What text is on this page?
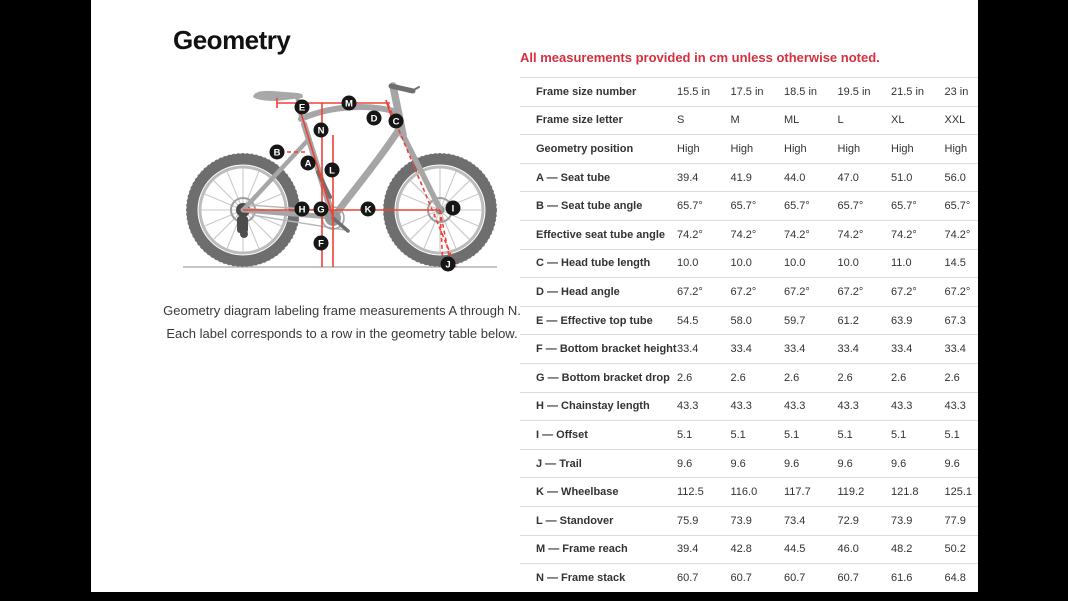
Geometry
A
B
C
D
E
F
G
H	I
J
K
L
M
N
Geometry diagram labeling frame measurements A through N.
Each label corresponds to a row in the geometry table below.
All measurements provided in cm unless otherwise noted.
Frame size number	15.5 in	17.5 in	18.5 in	19.5 in	21.5 in	23 in
Frame size letter	S	M	ML	L	XL	XXL
Geometry position	High	High	High	High	High	High
A — Seat tube	39.4	41.9	44.0	47.0	51.0	56.0
B — Seat tube angle	65.7°	65.7°	65.7°	65.7°	65.7°	65.7°
Effective seat tube angle	74.2°	74.2°	74.2°	74.2°	74.2°	74.2°
C — Head tube length	10.0	10.0	10.0	10.0	11.0	14.5
D — Head angle	67.2°	67.2°	67.2°	67.2°	67.2°	67.2°
E — Effective top tube	54.5	58.0	59.7	61.2	63.9	67.3
F — Bottom bracket height 33.4	33.4	33.4	33.4	33.4	33.4
G — Bottom bracket drop 2.6	2.6	2.6	2.6	2.6	2.6
H — Chainstay length	43.3	43.3	43.3	43.3	43.3	43.3
I — Offset	5.1	5.1	5.1	5.1	5.1	5.1
J — Trail	9.6	9.6	9.6	9.6	9.6	9.6
K — Wheelbase	112.5	116.0	117.7	119.2	121.8	125.1
L — Standover	75.9	73.9	73.4	72.9	73.9	77.9
M — Frame reach	39.4	42.8	44.5	46.0	48.2	50.2
N — Frame stack	60.7	60.7	60.7	60.7	61.6	64.8
